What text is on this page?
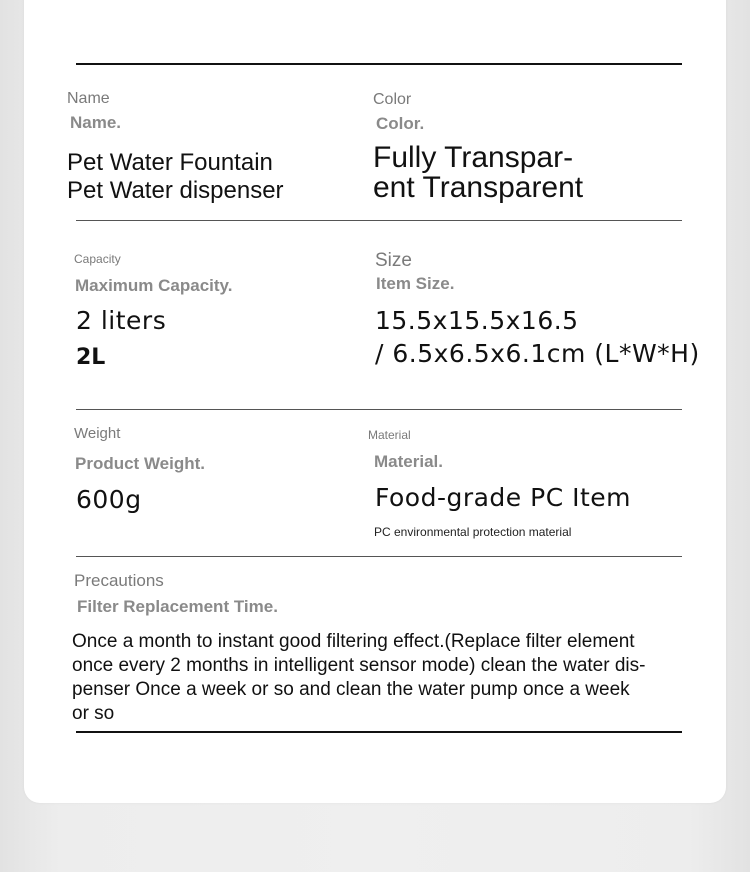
Name
Name.
Pet Water Fountain
Pet Water dispenser
Color
Color.
Fully Transpar-
ent Transparent
Capacity
Maximum Capacity.
2 liters
2L
Size
Item Size.
15.5x15.5x16.5
/ 6.5x6.5x6.1cm (L*W*H)
Weight
Product Weight.
600g
Material
Material.
Food-grade PC Item
PC environmental protection material
Precautions
Filter Replacement Time.
Once a month to instant good filtering effect.(Replace filter element
once every 2 months in intelligent sensor mode) clean the water dis-
penser Once a week or so and clean the water pump once a week
or so
